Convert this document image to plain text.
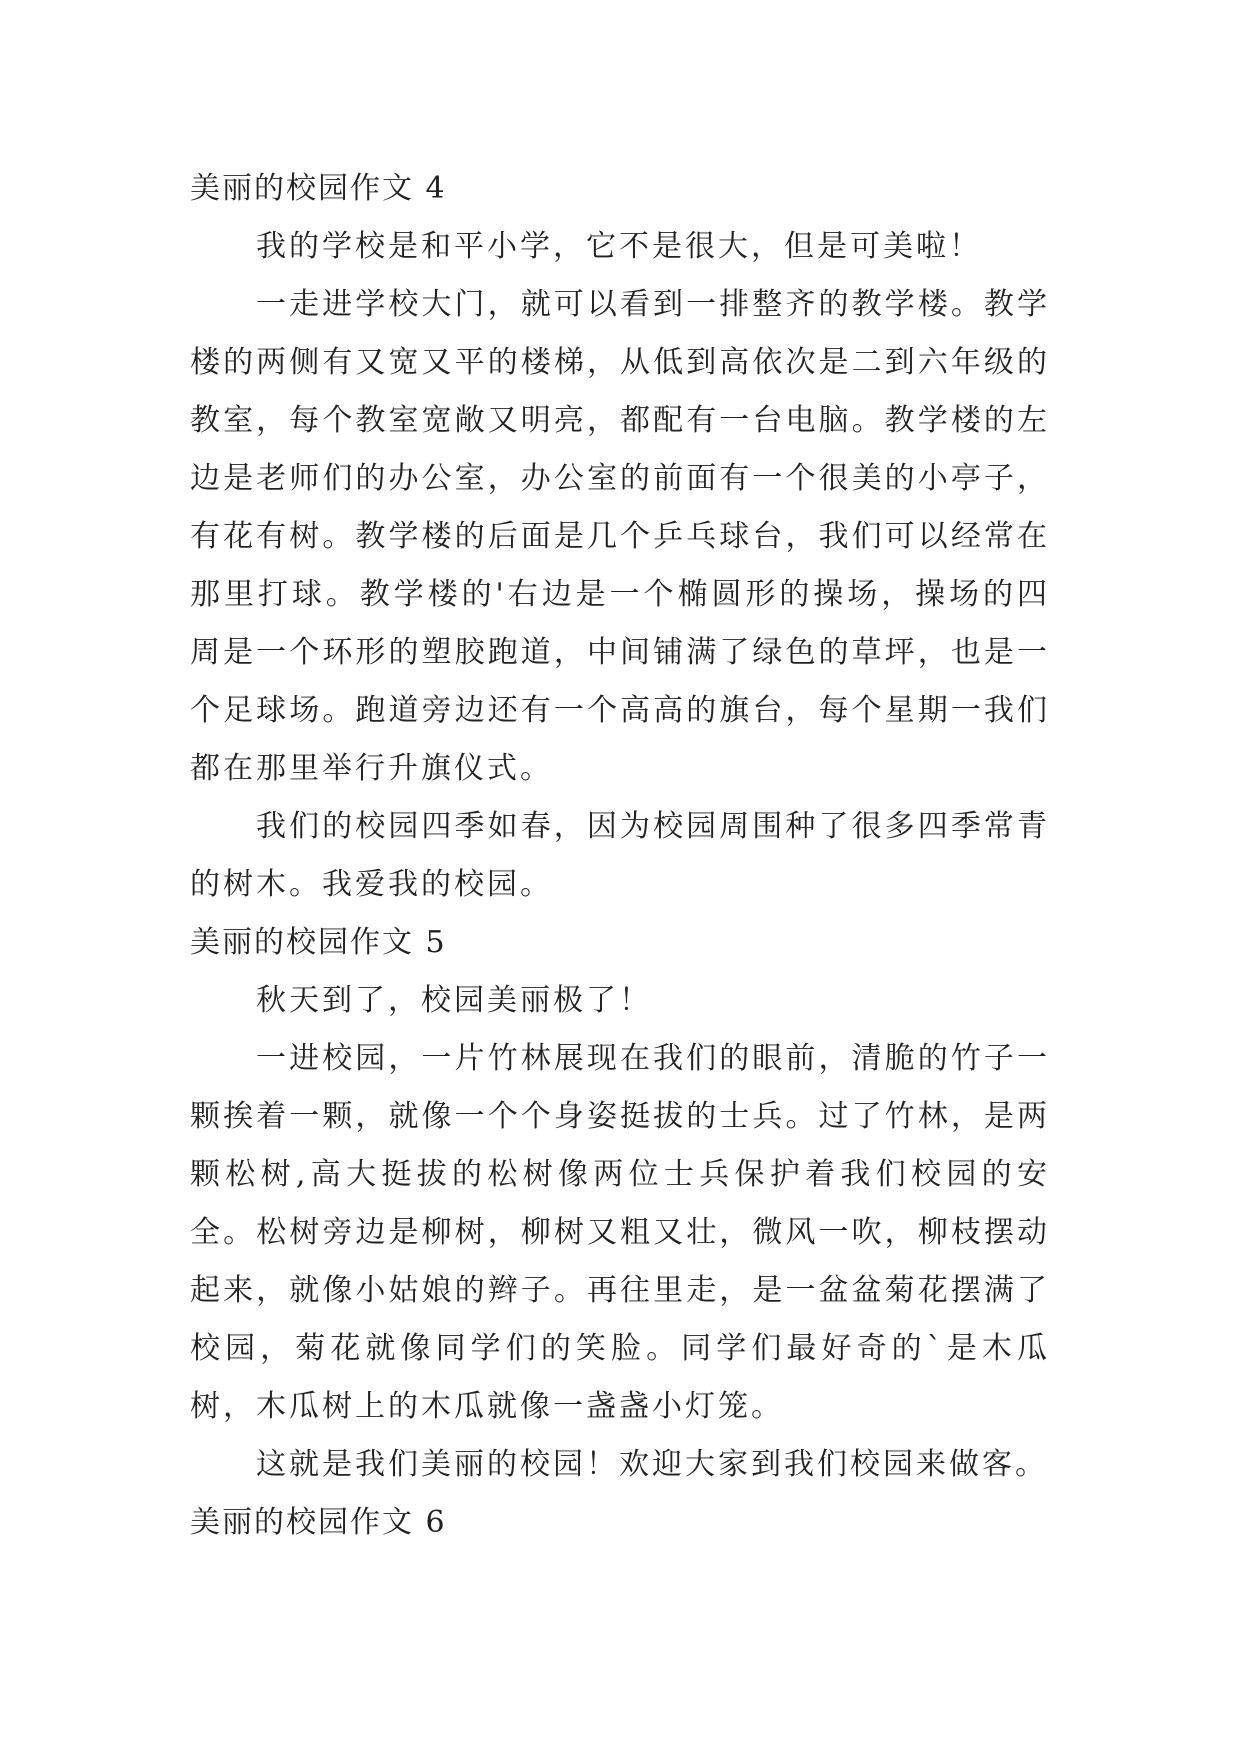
美丽的校园作文 4

我的学校是和平小学，它不是很大，但是可美啦！

一走进学校大门，就可以看到一排整齐的教学楼。教学楼的两侧有又宽又平的楼梯，从低到高依次是二到六年级的教室，每个教室宽敞又明亮，都配有一台电脑。教学楼的左边是老师们的办公室，办公室的前面有一个很美的小亭子，有花有树。教学楼的后面是几个乒乓球台，我们可以经常在那里打球。教学楼的'右边是一个椭圆形的操场，操场的四周是一个环形的塑胶跑道，中间铺满了绿色的草坪，也是一个足球场。跑道旁边还有一个高高的旗台，每个星期一我们都在那里举行升旗仪式。

我们的校园四季如春，因为校园周围种了很多四季常青的树木。我爱我的校园。

美丽的校园作文 5

秋天到了，校园美丽极了！

一进校园，一片竹林展现在我们的眼前，清脆的竹子一颗挨着一颗，就像一个个身姿挺拔的士兵。过了竹林，是两颗松树,高大挺拔的松树像两位士兵保护着我们校园的安全。松树旁边是柳树，柳树又粗又壮，微风一吹，柳枝摆动起来，就像小姑娘的辫子。再往里走，是一盆盆菊花摆满了校园，菊花就像同学们的笑脸。同学们最好奇的`是木瓜树，木瓜树上的木瓜就像一盏盏小灯笼。

这就是我们美丽的校园！欢迎大家到我们校园来做客。

美丽的校园作文 6
